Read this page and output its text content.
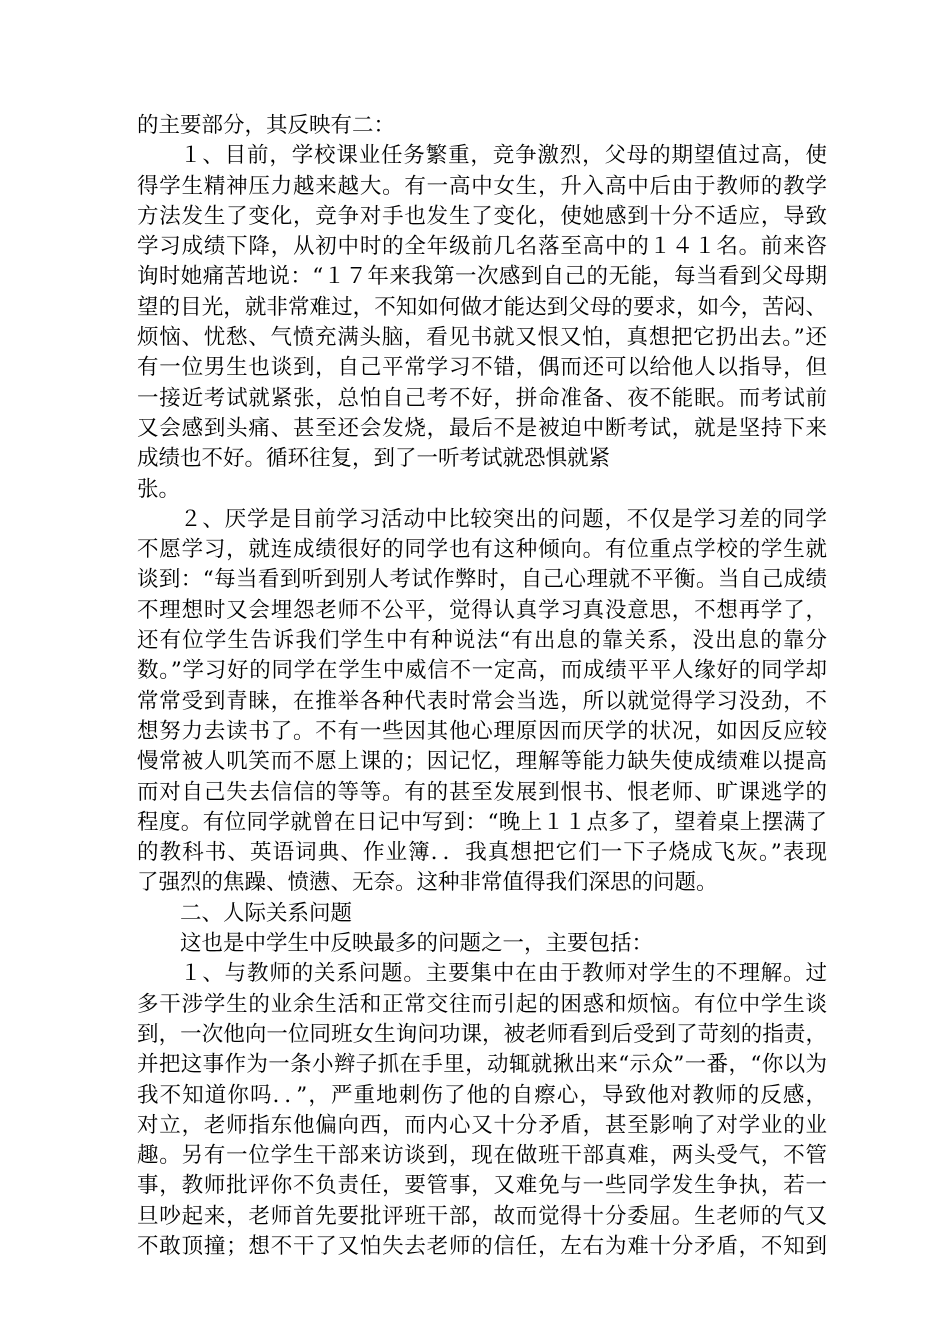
的主要部分，其反映有二：
１、目前，学校课业任务繁重，竞争激烈，父母的期望值过高，使
得学生精神压力越来越大。有一高中女生，升入高中后由于教师的教学
方法发生了变化，竞争对手也发生了变化，使她感到十分不适应，导致
学习成绩下降，从初中时的全年级前几名落至高中的１４１名。前来咨
询时她痛苦地说：“１７年来我第一次感到自己的无能，每当看到父母期
望的目光，就非常难过，不知如何做才能达到父母的要求，如今，苦闷、
烦恼、忧愁、气愤充满头脑，看见书就又恨又怕，真想把它扔出去。”还
有一位男生也谈到，自己平常学习不错，偶而还可以给他人以指导，但
一接近考试就紧张，总怕自己考不好，拼命准备、夜不能眠。而考试前
又会感到头痛、甚至还会发烧，最后不是被迫中断考试，就是坚持下来
成绩也不好。循环往复，到了一听考试就恐惧就紧
张。
２、厌学是目前学习活动中比较突出的问题，不仅是学习差的同学
不愿学习，就连成绩很好的同学也有这种倾向。有位重点学校的学生就
谈到：“每当看到听到别人考试作弊时，自己心理就不平衡。当自己成绩
不理想时又会埋怨老师不公平，觉得认真学习真没意思，不想再学了，
还有位学生告诉我们学生中有种说法“有出息的靠关系，没出息的靠分
数。”学习好的同学在学生中威信不一定高，而成绩平平人缘好的同学却
常常受到青睐，在推举各种代表时常会当选，所以就觉得学习没劲，不
想努力去读书了。不有一些因其他心理原因而厌学的状况，如因反应较
慢常被人叽笑而不愿上课的；因记忆，理解等能力缺失使成绩难以提高
而对自己失去信信的等等。有的甚至发展到恨书、恨老师、旷课逃学的
程度。有位同学就曾在日记中写到：“晚上１１点多了，望着桌上摆满了
的教科书、英语词典、作业簿．．我真想把它们一下子烧成飞灰。”表现
了强烈的焦躁、愤懑、无奈。这种非常值得我们深思的问题。
二、人际关系问题
这也是中学生中反映最多的问题之一，主要包括：
１、与教师的关系问题。主要集中在由于教师对学生的不理解。过
多干涉学生的业余生活和正常交往而引起的困惑和烦恼。有位中学生谈
到，一次他向一位同班女生询问功课，被老师看到后受到了苛刻的指责，
并把这事作为一条小辫子抓在手里，动辄就揪出来“示众”一番，“你以为
我不知道你吗．．”，严重地刺伤了他的自瘵心，导致他对教师的反感，
对立，老师指东他偏向西，而内心又十分矛盾，甚至影响了对学业的业
趣。另有一位学生干部来访谈到，现在做班干部真难，两头受气，不管
事，教师批评你不负责任，要管事，又难免与一些同学发生争执，若一
旦吵起来，老师首先要批评班干部，故而觉得十分委屈。生老师的气又
不敢顶撞；想不干了又怕失去老师的信任，左右为难十分矛盾，不知到
